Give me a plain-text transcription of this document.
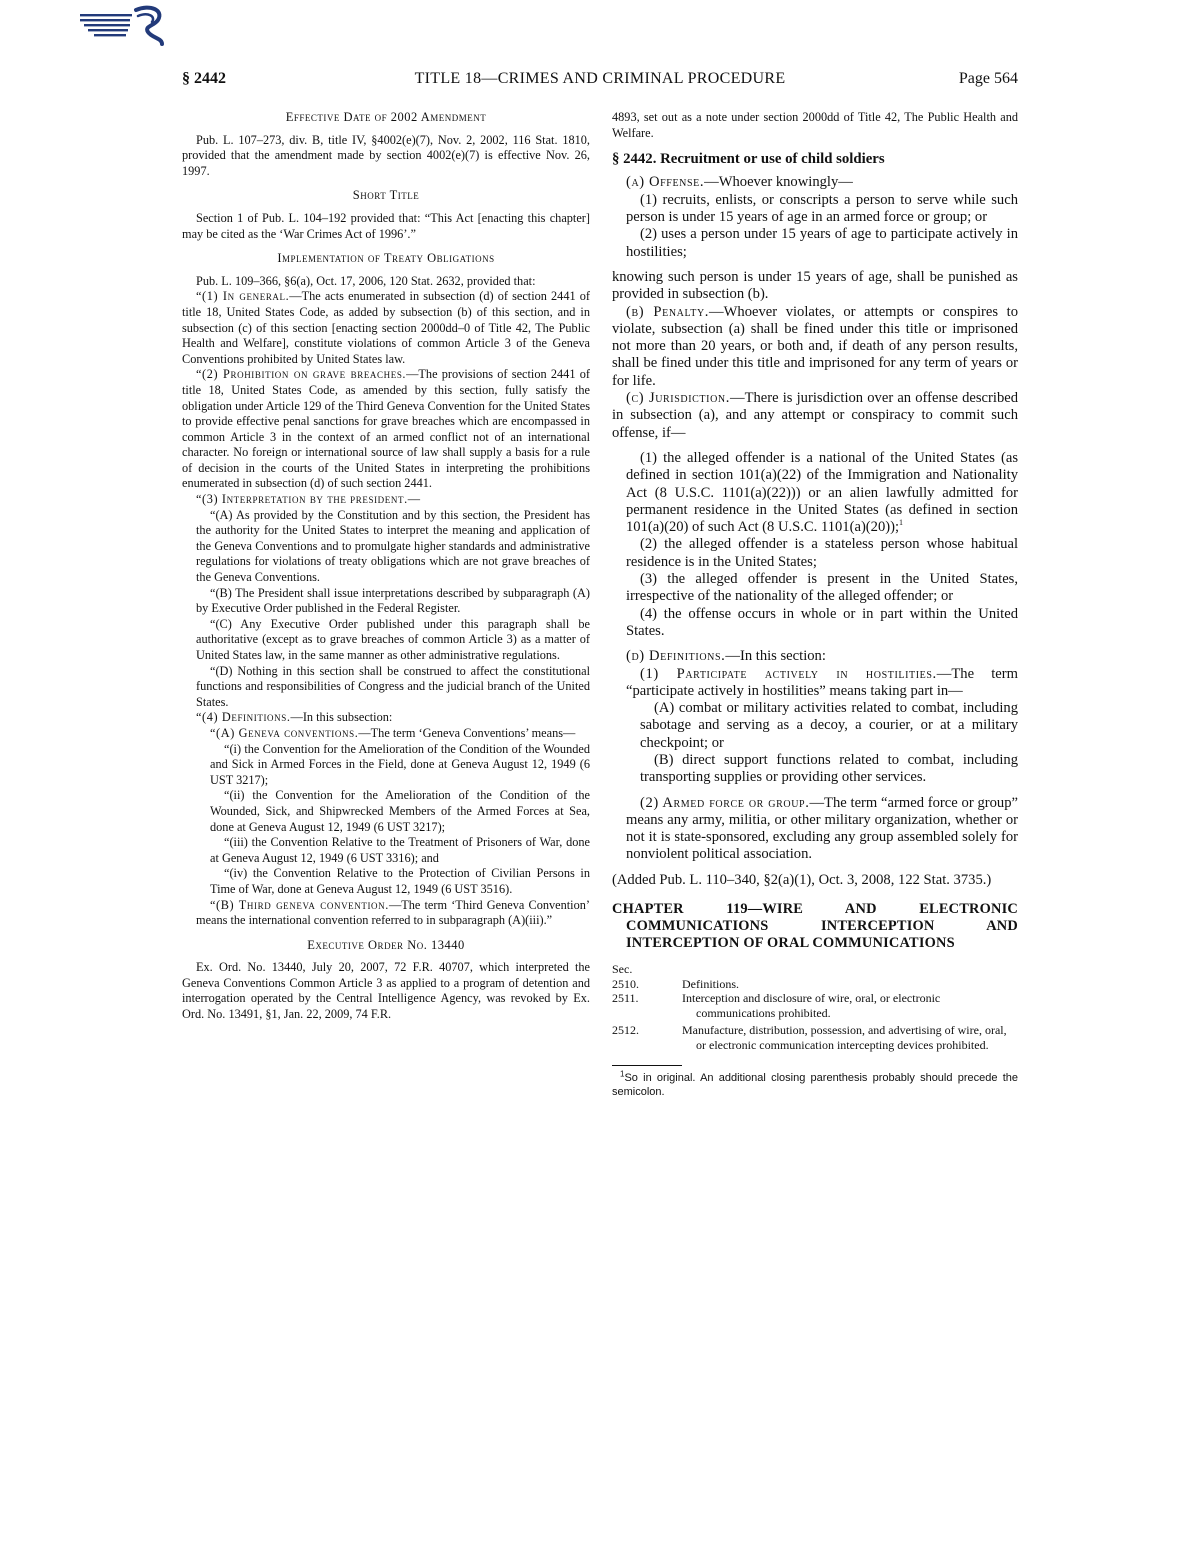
§ 2442	TITLE 18—CRIMES AND CRIMINAL PROCEDURE	Page 564
Effective Date of 2002 Amendment

Pub. L. 107–273, div. B, title IV, §4002(e)(7), Nov. 2, 2002, 116 Stat. 1810, provided that the amendment made by section 4002(e)(7) is effective Nov. 26, 1997.

Short Title

Section 1 of Pub. L. 104–192 provided that: “This Act [enacting this chapter] may be cited as the ‘War Crimes Act of 1996’.”

Implementation of Treaty Obligations

Pub. L. 109–366, §6(a), Oct. 17, 2006, 120 Stat. 2632, provided that:

“(1) In general.—The acts enumerated in subsection (d) of section 2441 of title 18, United States Code, as added by subsection (b) of this section, and in subsection (c) of this section [enacting section 2000dd–0 of Title 42, The Public Health and Welfare], constitute violations of common Article 3 of the Geneva Conventions prohibited by United States law.

“(2) Prohibition on grave breaches.—The provisions of section 2441 of title 18, United States Code, as amended by this section, fully satisfy the obligation under Article 129 of the Third Geneva Convention for the United States to provide effective penal sanctions for grave breaches which are encompassed in common Article 3 in the context of an armed conflict not of an international character. No foreign or international source of law shall supply a basis for a rule of decision in the courts of the United States in interpreting the prohibitions enumerated in subsection (d) of such section 2441.

“(3) Interpretation by the president.—

“(A) As provided by the Constitution and by this section, the President has the authority for the United States to interpret the meaning and application of the Geneva Conventions and to promulgate higher standards and administrative regulations for violations of treaty obligations which are not grave breaches of the Geneva Conventions.

“(B) The President shall issue interpretations described by subparagraph (A) by Executive Order published in the Federal Register.

“(C) Any Executive Order published under this paragraph shall be authoritative (except as to grave breaches of common Article 3) as a matter of United States law, in the same manner as other administrative regulations.

“(D) Nothing in this section shall be construed to affect the constitutional functions and responsibilities of Congress and the judicial branch of the United States.

“(4) Definitions.—In this subsection:

“(A) Geneva conventions.—The term ‘Geneva Conventions’ means—

“(i) the Convention for the Amelioration of the Condition of the Wounded and Sick in Armed Forces in the Field, done at Geneva August 12, 1949 (6 UST 3217);

“(ii) the Convention for the Amelioration of the Condition of the Wounded, Sick, and Shipwrecked Members of the Armed Forces at Sea, done at Geneva August 12, 1949 (6 UST 3217);

“(iii) the Convention Relative to the Treatment of Prisoners of War, done at Geneva August 12, 1949 (6 UST 3316); and

“(iv) the Convention Relative to the Protection of Civilian Persons in Time of War, done at Geneva August 12, 1949 (6 UST 3516).

“(B) Third geneva convention.—The term ‘Third Geneva Convention’ means the international convention referred to in subparagraph (A)(iii).”

Executive Order No. 13440

Ex. Ord. No. 13440, July 20, 2007, 72 F.R. 40707, which interpreted the Geneva Conventions Common Article 3 as applied to a program of detention and interrogation operated by the Central Intelligence Agency, was revoked by Ex. Ord. No. 13491, §1, Jan. 22, 2009, 74 F.R.

4893, set out as a note under section 2000dd of Title 42, The Public Health and Welfare.

§ 2442. Recruitment or use of child soldiers

(a) Offense.—Whoever knowingly—

(1) recruits, enlists, or conscripts a person to serve while such person is under 15 years of age in an armed force or group; or

(2) uses a person under 15 years of age to participate actively in hostilities;

knowing such person is under 15 years of age, shall be punished as provided in subsection (b).

(b) Penalty.—Whoever violates, or attempts or conspires to violate, subsection (a) shall be fined under this title or imprisoned not more than 20 years, or both and, if death of any person results, shall be fined under this title and imprisoned for any term of years or for life.

(c) Jurisdiction.—There is jurisdiction over an offense described in subsection (a), and any attempt or conspiracy to commit such offense, if—

(1) the alleged offender is a national of the United States (as defined in section 101(a)(22) of the Immigration and Nationality Act (8 U.S.C. 1101(a)(22))) or an alien lawfully admitted for permanent residence in the United States (as defined in section 101(a)(20) of such Act (8 U.S.C. 1101(a)(20));$^1$

(2) the alleged offender is a stateless person whose habitual residence is in the United States;

(3) the alleged offender is present in the United States, irrespective of the nationality of the alleged offender; or

(4) the offense occurs in whole or in part within the United States.

(d) Definitions.—In this section:

(1) Participate actively in hostilities.—The term “participate actively in hostilities” means taking part in—

(A) combat or military activities related to combat, including sabotage and serving as a decoy, a courier, or at a military checkpoint; or

(B) direct support functions related to combat, including transporting supplies or providing other services.

(2) Armed force or group.—The term “armed force or group” means any army, militia, or other military organization, whether or not it is state-sponsored, excluding any group assembled solely for nonviolent political association.

(Added Pub. L. 110–340, §2(a)(1), Oct. 3, 2008, 122 Stat. 3735.)

CHAPTER 119—WIRE AND ELECTRONIC COMMUNICATIONS INTERCEPTION AND INTERCEPTION OF ORAL COMMUNICATIONS
Sec.	
2510.	Definitions.
2511.	Interception and disclosure of wire, oral, or electronic communications prohibited.

2512.	Manufacture, distribution, possession, and advertising of wire, oral, or electronic communication intercepting devices prohibited.

$^1$So in original. An additional closing parenthesis probably should precede the semicolon.
